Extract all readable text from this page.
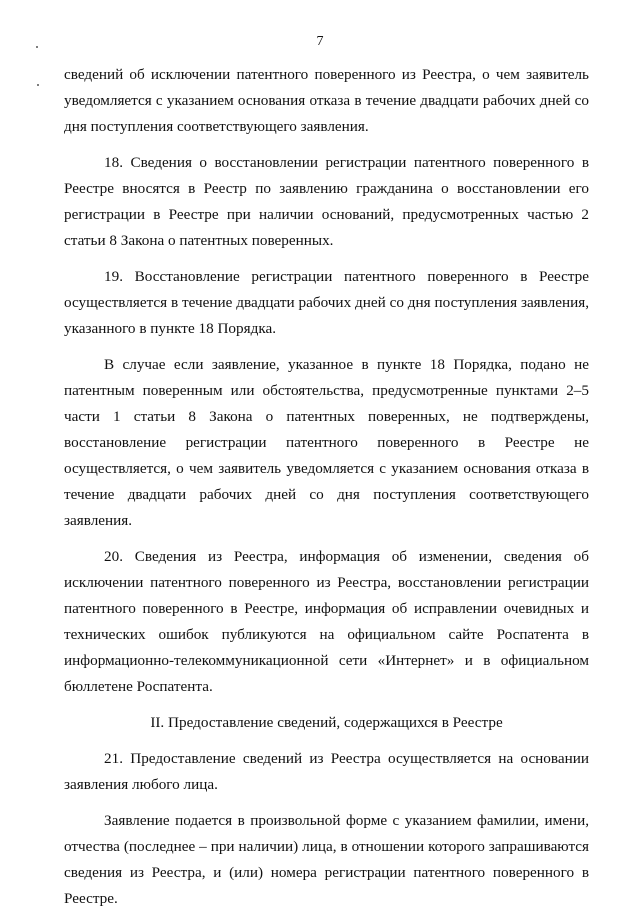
7

сведений об исключении патентного поверенного из Реестра, о чем заявитель уведомляется с указанием основания отказа в течение двадцати рабочих дней со дня поступления соответствующего заявления.

18. Сведения о восстановлении регистрации патентного поверенного в Реестре вносятся в Реестр по заявлению гражданина о восстановлении его регистрации в Реестре при наличии оснований, предусмотренных частью 2 статьи 8 Закона о патентных поверенных.

19. Восстановление регистрации патентного поверенного в Реестре осуществляется в течение двадцати рабочих дней со дня поступления заявления, указанного в пункте 18 Порядка.

В случае если заявление, указанное в пункте 18 Порядка, подано не патентным поверенным или обстоятельства, предусмотренные пунктами 2–5 части 1 статьи 8 Закона о патентных поверенных, не подтверждены, восстановление регистрации патентного поверенного в Реестре не осуществляется, о чем заявитель уведомляется с указанием основания отказа в течение двадцати рабочих дней со дня поступления соответствующего заявления.

20. Сведения из Реестра, информация об изменении, сведения об исключении патентного поверенного из Реестра, восстановлении регистрации патентного поверенного в Реестре, информация об исправлении очевидных и технических ошибок публикуются на официальном сайте Роспатента в информационно-телекоммуникационной сети «Интернет» и в официальном бюллетене Роспатента.

II. Предоставление сведений, содержащихся в Реестре

21. Предоставление сведений из Реестра осуществляется на основании заявления любого лица.

Заявление подается в произвольной форме с указанием фамилии, имени, отчества (последнее – при наличии) лица, в отношении которого запрашиваются сведения из Реестра, и (или) номера регистрации патентного поверенного в Реестре.
